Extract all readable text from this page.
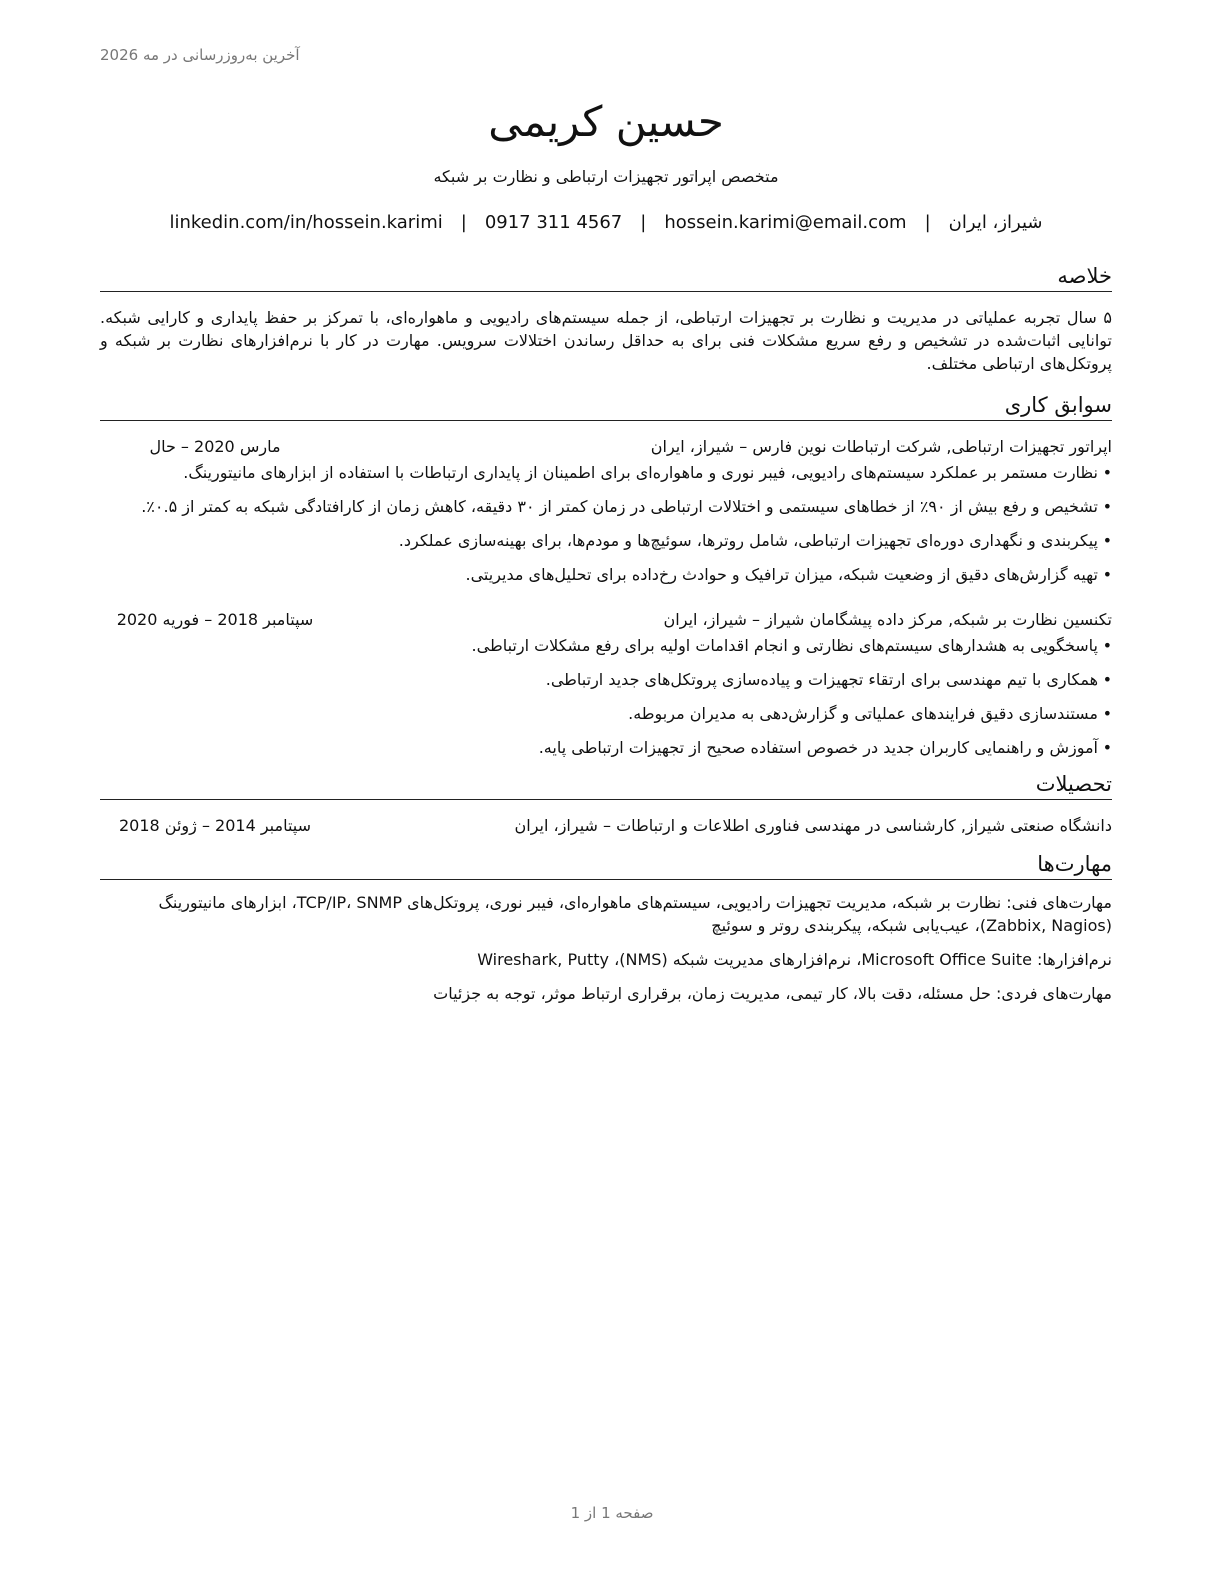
آخرین به‌روزرسانی در مه 2026
حسین کریمی
متخصص اپراتور تجهیزات ارتباطی و نظارت بر شبکه
شیراز، ایران
|
hossein.karimi@email.com
|
0917 311 4567
|
linkedin.com/in/hossein.karimi
خلاصه
۵ سال تجربه عملیاتی در مدیریت و نظارت بر تجهیزات ارتباطی، از جمله سیستم‌های رادیویی و ماهواره‌ای، با تمرکز بر حفظ پایداری و کارایی شبکه. توانایی اثبات‌شده در تشخیص و رفع سریع مشکلات فنی برای به حداقل رساندن اختلالات سرویس. مهارت در کار با نرم‌افزارهای نظارت بر شبکه و پروتکل‌های ارتباطی مختلف.
سوابق کاری
اپراتور تجهیزات ارتباطی, شرکت ارتباطات نوین فارس – شیراز، ایران
مارس 2020 – حال
•
نظارت مستمر بر عملکرد سیستم‌های رادیویی، فیبر نوری و ماهواره‌ای برای اطمینان از پایداری ارتباطات با استفاده از ابزارهای مانیتورینگ.
•
تشخیص و رفع بیش از ۹۰٪ از خطاهای سیستمی و اختلالات ارتباطی در زمان کمتر از ۳۰ دقیقه، کاهش زمان از کارافتادگی شبکه به کمتر از ۰.۵٪.
•
پیکربندی و نگهداری دوره‌ای تجهیزات ارتباطی، شامل روترها، سوئیچ‌ها و مودم‌ها، برای بهینه‌سازی عملکرد.
•
تهیه گزارش‌های دقیق از وضعیت شبکه، میزان ترافیک و حوادث رخ‌داده برای تحلیل‌های مدیریتی.
تکنسین نظارت بر شبکه, مرکز داده پیشگامان شیراز – شیراز، ایران
سپتامبر 2018 – فوریه 2020
•
پاسخگویی به هشدارهای سیستم‌های نظارتی و انجام اقدامات اولیه برای رفع مشکلات ارتباطی.
•
همکاری با تیم مهندسی برای ارتقاء تجهیزات و پیاده‌سازی پروتکل‌های جدید ارتباطی.
•
مستندسازی دقیق فرایندهای عملیاتی و گزارش‌دهی به مدیران مربوطه.
•
آموزش و راهنمایی کاربران جدید در خصوص استفاده صحیح از تجهیزات ارتباطی پایه.
تحصیلات
دانشگاه صنعتی شیراز, کارشناسی در مهندسی فناوری اطلاعات و ارتباطات – شیراز، ایران
سپتامبر 2014 – ژوئن 2018
مهارت‌ها
مهارت‌های فنی: نظارت بر شبکه، مدیریت تجهیزات رادیویی، سیستم‌های ماهواره‌ای، فیبر نوری، پروتکل‌های TCP/IP، SNMP، ابزارهای مانیتورینگ (Zabbix, Nagios)، عیب‌یابی شبکه، پیکربندی روتر و سوئیچ
نرم‌افزارها: Microsoft Office Suite، نرم‌افزارهای مدیریت شبکه (NMS)، Wireshark, Putty
مهارت‌های فردی: حل مسئله، دقت بالا، کار تیمی، مدیریت زمان، برقراری ارتباط موثر، توجه به جزئیات
صفحه 1 از 1
